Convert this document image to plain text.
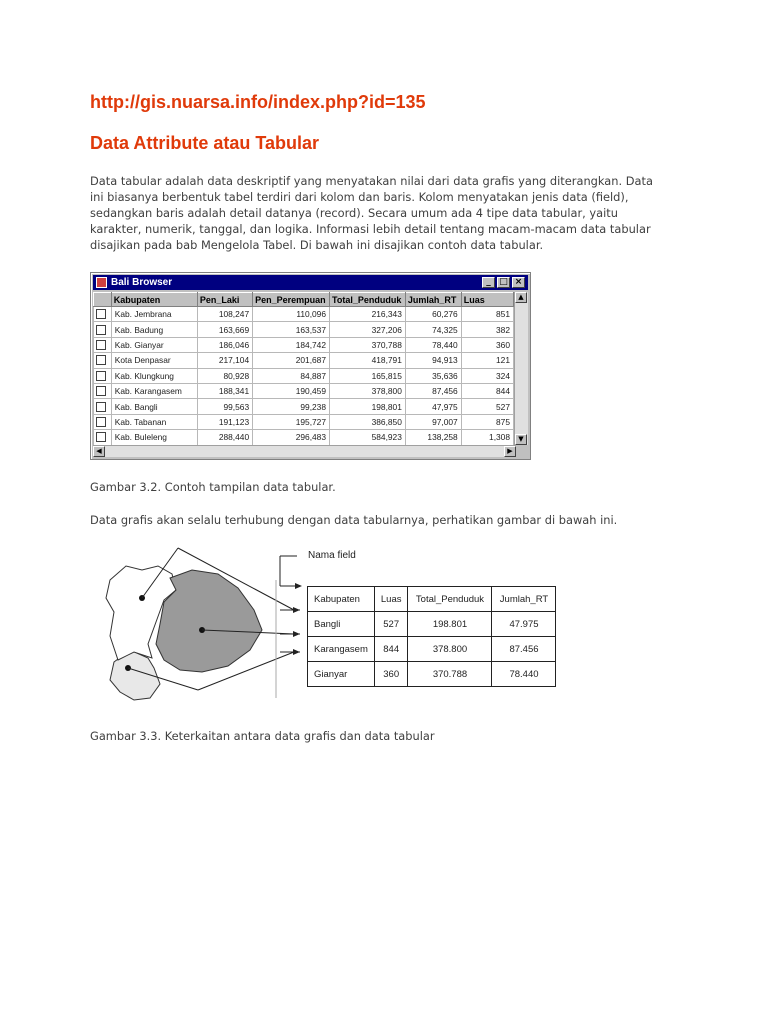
http://gis.nuarsa.info/index.php?id=135
Data Attribute atau Tabular

Data tabular adalah data deskriptif yang menyatakan nilai dari data grafis yang diterangkan. Data ini biasanya berbentuk tabel terdiri dari kolom dan baris. Kolom menyatakan jenis data (field), sedangkan baris adalah detail datanya (record). Secara umum ada 4 tipe data tabular, yaitu karakter, numerik, tanggal, dan logika. Informasi lebih detail tentang macam-macam data tabular disajikan pada bab Mengelola Tabel. Di bawah ini disajikan contoh data tabular.

Bali Browser	_ □ ×
	Kabupaten	Pen_Laki	Pen_Perempuan	Total_Penduduk	Jumlah_RT	Luas

	Kab. Jembrana	108,247	110,096	216,343	60,276	851

	Kab. Badung	163,669	163,537	327,206	74,325	382

	Kab. Gianyar	186,046	184,742	370,788	78,440	360

	Kota Denpasar	217,104	201,687	418,791	94,913	121

	Kab. Klungkung	80,928	84,887	165,815	35,636	324

	Kab. Karangasem	188,341	190,459	378,800	87,456	844

	Kab. Bangli	99,563	99,238	198,801	47,975	527

	Kab. Tabanan	191,123	195,727	386,850	97,007	875

	Kab. Buleleng	288,440	296,483	584,923	138,258	1,308
▲
▼
◀	▶

Gambar 3.2. Contoh tampilan data tabular.

Data grafis akan selalu terhubung dengan data tabularnya, perhatikan gambar di bawah ini.

Nama field
Kabupaten	Luas	Total_Penduduk	Jumlah_RT
Bangli	527	198.801	47.975
Karangasem	844	378.800	87.456
Gianyar	360	370.788	78.440

Gambar 3.3. Keterkaitan antara data grafis dan data tabular
